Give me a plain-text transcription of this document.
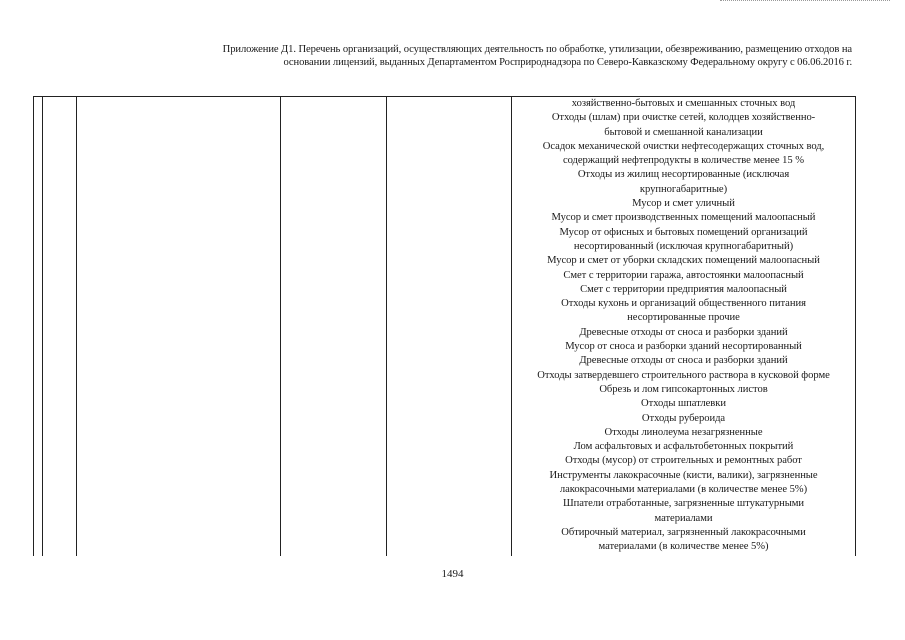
Приложение Д1. Перечень организаций, осуществляющих деятельность по обработке, утилизации, обезвреживанию, размещению отходов на
основании лицензий, выданных Департаментом Росприроднадзора по Северо-Кавказскому Федеральному округу с 06.06.2016 г.
хозяйственно-бытовых и смешанных сточных вод
Отходы (шлам) при очистке сетей, колодцев хозяйственно-
бытовой и смешанной канализации
Осадок механической очистки нефтесодержащих сточных вод,
содержащий нефтепродукты в количестве менее 15 %
Отходы из жилищ несортированные (исключая
крупногабаритные)
Мусор и смет уличный
Мусор и смет производственных помещений малоопасный
Мусор от офисных и бытовых помещений организаций
несортированный (исключая крупногабаритный)
Мусор и смет от уборки складских помещений малоопасный
Смет с территории гаража, автостоянки малоопасный
Смет с территории предприятия малоопасный
Отходы кухонь и организаций общественного питания
несортированные прочие
Древесные отходы от сноса и разборки зданий
Мусор от сноса и разборки зданий несортированный
Древесные отходы от сноса и разборки зданий
Отходы затвердевшего строительного раствора в кусковой форме
Обрезь и лом гипсокартонных листов
Отходы шпатлевки
Отходы рубероида
Отходы линолеума незагрязненные
Лом асфальтовых и асфальтобетонных покрытий
Отходы (мусор) от строительных и ремонтных работ
Инструменты лакокрасочные (кисти, валики), загрязненные
лакокрасочными материалами (в количестве менее 5%)
Шпатели отработанные, загрязненные штукатурными
материалами
Обтирочный материал, загрязненный лакокрасочными
материалами (в количестве менее 5%)
1494
